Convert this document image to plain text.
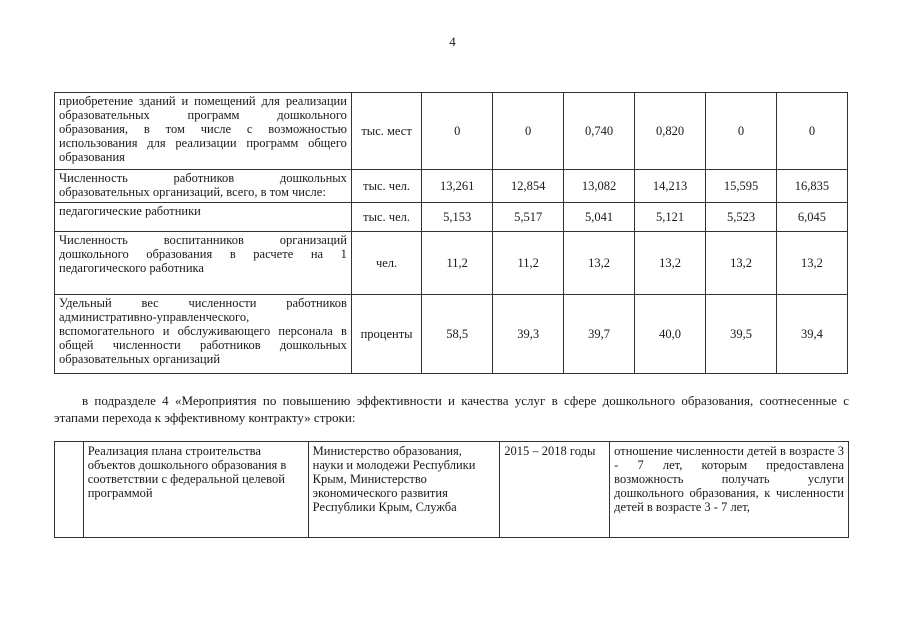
4
приобретение зданий и помещений для реализации образовательных программ дошкольного образования, в том числе с возможностью использования для реализации программ общего образования	тыс. мест	0	0	0,740	0,820	0	0
Численность работников дошкольных образовательных организаций, всего, в том числе:	тыс. чел.	13,261	12,854	13,082	14,213	15,595	16,835
педагогические работники	тыс. чел.	5,153	5,517	5,041	5,121	5,523	6,045
Численность воспитанников организаций дошкольного образования в расчете на 1 педагогического работника	чел.	11,2	11,2	13,2	13,2	13,2	13,2
Удельный вес численности работников административно-управленческого, вспомогательного и обслуживающего персонала в общей численности работников дошкольных образовательных организаций	проценты	58,5	39,3	39,7	40,0	39,5	39,4
в подразделе 4 «Мероприятия по повышению эффективности и качества услуг в сфере дошкольного образования, соотнесенные с этапами перехода к эффективному контракту» строки:
	Реализация плана строительства объектов дошкольного образования в соответствии с федеральной целевой программой	Министерство образования, науки и молодежи Республики Крым, Министерство экономического развития Республики Крым, Служба	2015 – 2018 годы	отношение численности детей в возрасте 3 - 7 лет, которым предоставлена возможность получать услуги дошкольного образования, к численности детей в возрасте 3 - 7 лет,
